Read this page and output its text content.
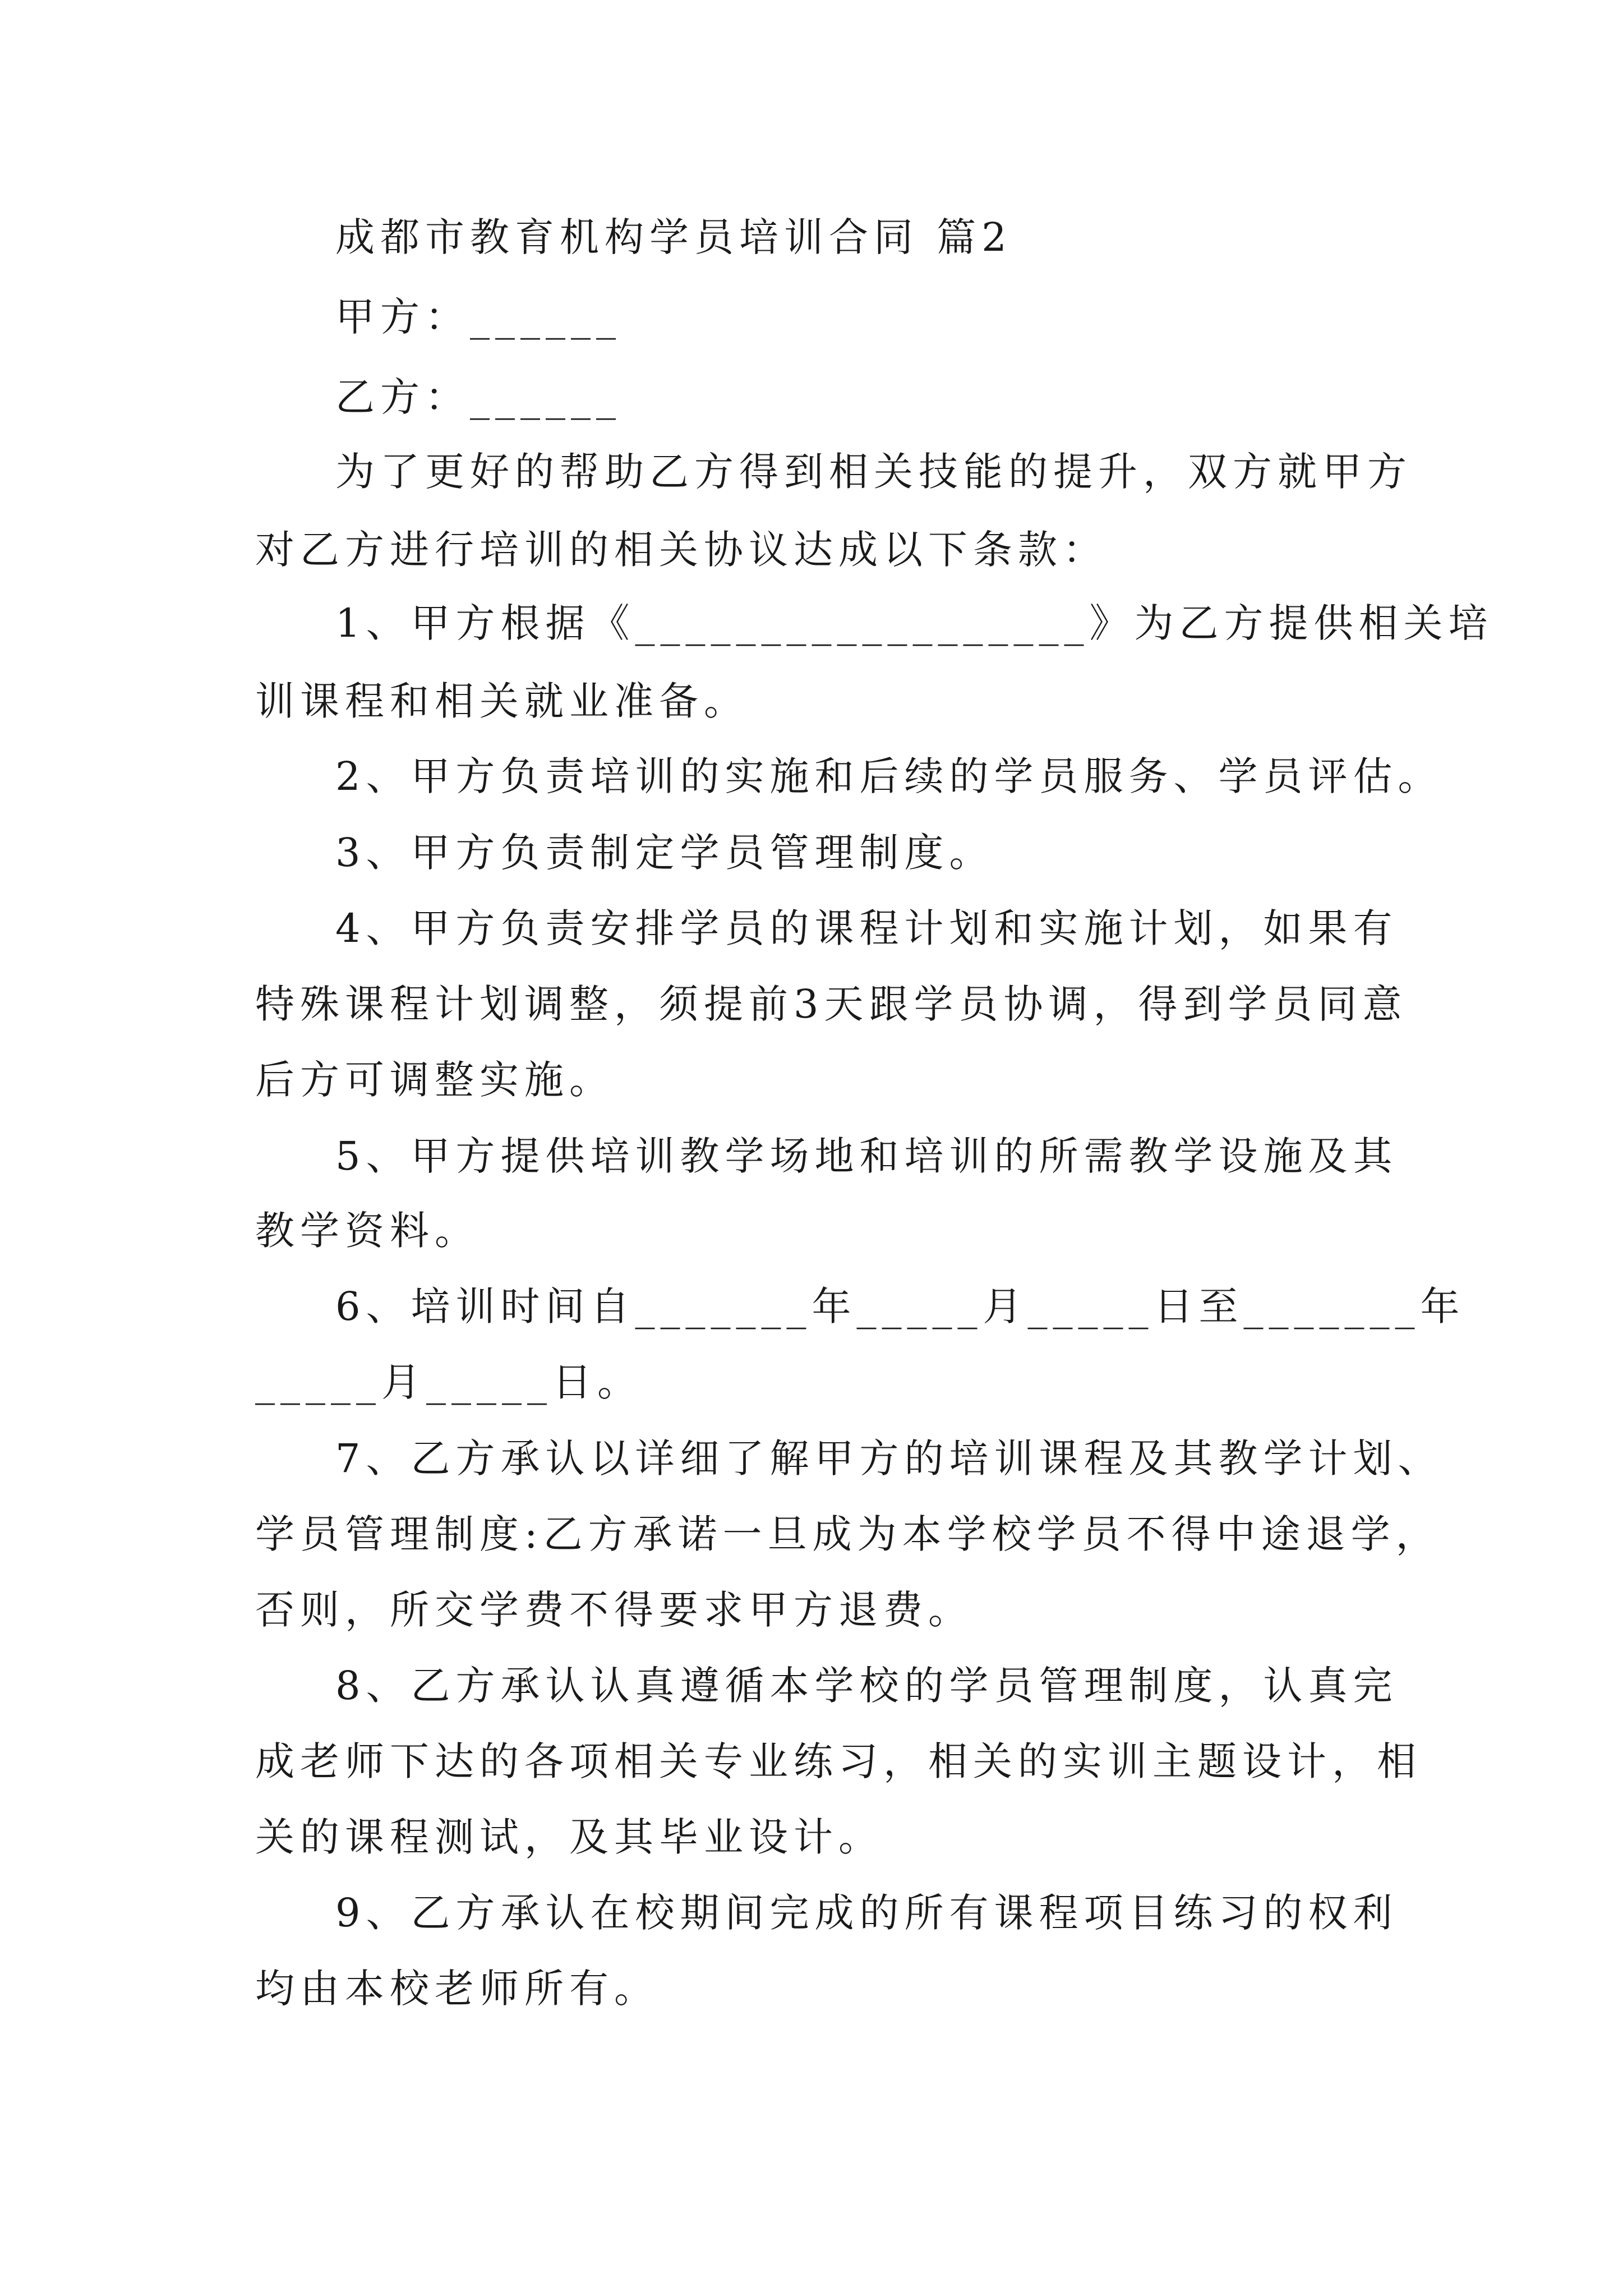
成都市教育机构学员培训合同 篇2
甲方：______
乙方：______
为了更好的帮助乙方得到相关技能的提升，双方就甲方
对乙方进行培训的相关协议达成以下条款：
1、甲方根据《__________________》为乙方提供相关培
训课程和相关就业准备。
2、甲方负责培训的实施和后续的学员服务、学员评估。
3、甲方负责制定学员管理制度。
4、甲方负责安排学员的课程计划和实施计划，如果有
特殊课程计划调整，须提前3天跟学员协调，得到学员同意
后方可调整实施。
5、甲方提供培训教学场地和培训的所需教学设施及其
教学资料。
6、培训时间自_______年_____月_____日至_______年
_____月_____日。
7、乙方承认以详细了解甲方的培训课程及其教学计划、
学员管理制度:乙方承诺一旦成为本学校学员不得中途退学，
否则，所交学费不得要求甲方退费。
8、乙方承认认真遵循本学校的学员管理制度，认真完
成老师下达的各项相关专业练习，相关的实训主题设计，相
关的课程测试，及其毕业设计。
9、乙方承认在校期间完成的所有课程项目练习的权利
均由本校老师所有。
